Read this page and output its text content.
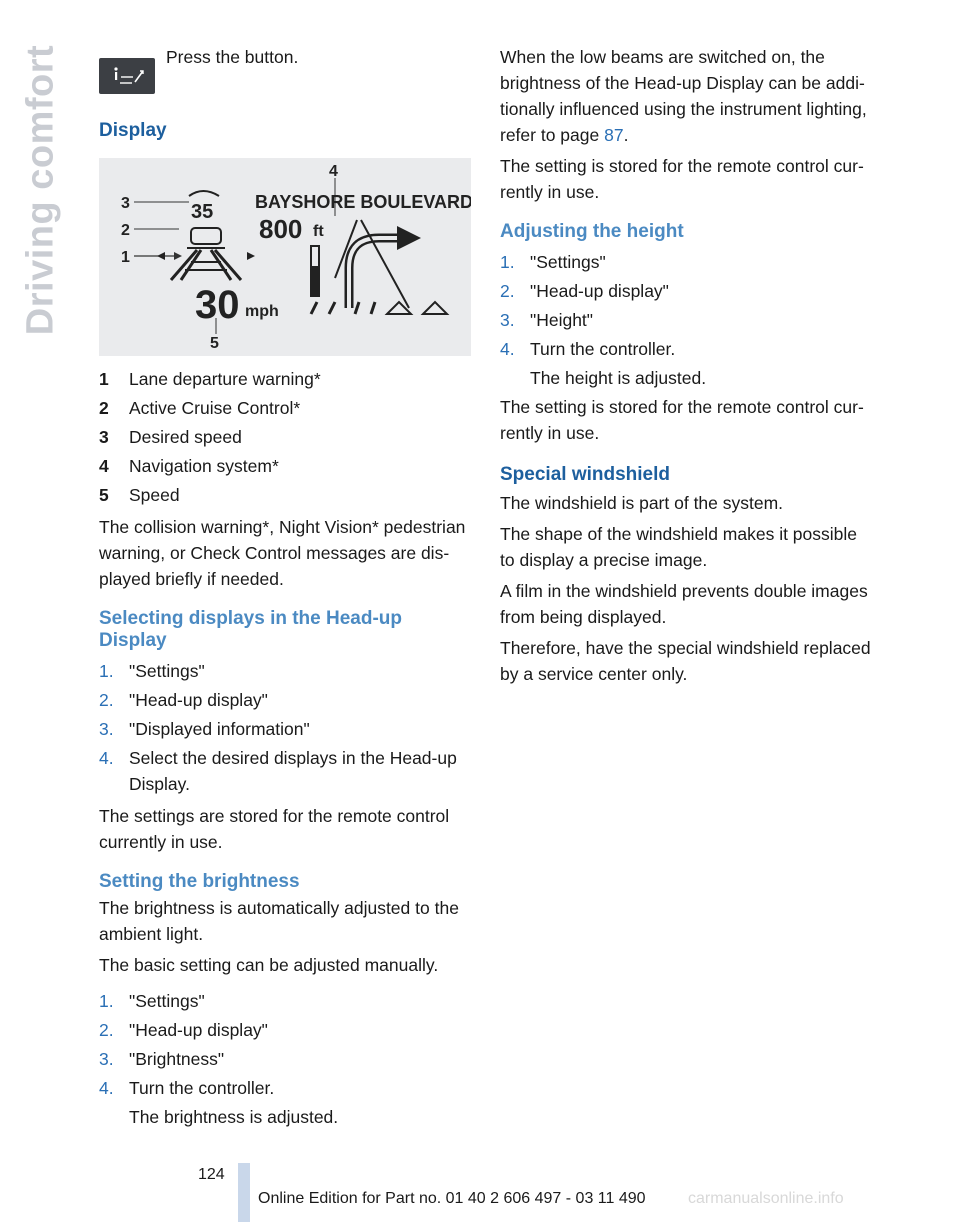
Driving comfort	Press the button.
Display
3
2
1
4
5
35 BAYSHORE BOULEVARD
800 ft
30 mph
1	Lane departure warning*
2	Active Cruise Control*
3	Desired speed
4	Navigation system*
5	Speed

The collision warning*, Night Vision* pedestrian warning, or Check Control messages are dis‐played briefly if needed.

Selecting displays in the Head-up Display
1. "Settings"
2. "Head-up display"
3. "Displayed information"
4. Select the desired displays in the Head-up Display.

The settings are stored for the remote control currently in use.

Setting the brightness

The brightness is automatically adjusted to the ambient light.

The basic setting can be adjusted manually.

1. "Settings"
2. "Head-up display"
3. "Brightness"
4. Turn the controller.
The brightness is adjusted.

When the low beams are switched on, the brightness of the Head-up Display can be addi‐tionally influenced using the instrument lighting, refer to page 87.

The setting is stored for the remote control cur‐rently in use.

Adjusting the height
1. "Settings"
2. "Head-up display"
3. "Height"
4. Turn the controller.
The height is adjusted.

The setting is stored for the remote control cur‐rently in use.

Special windshield

The windshield is part of the system.

The shape of the windshield makes it possible to display a precise image.

A film in the windshield prevents double images from being displayed.

Therefore, have the special windshield replaced by a service center only.

124
Online Edition for Part no. 01 40 2 606 497 - 03 11 490	carmanualsonline.info
